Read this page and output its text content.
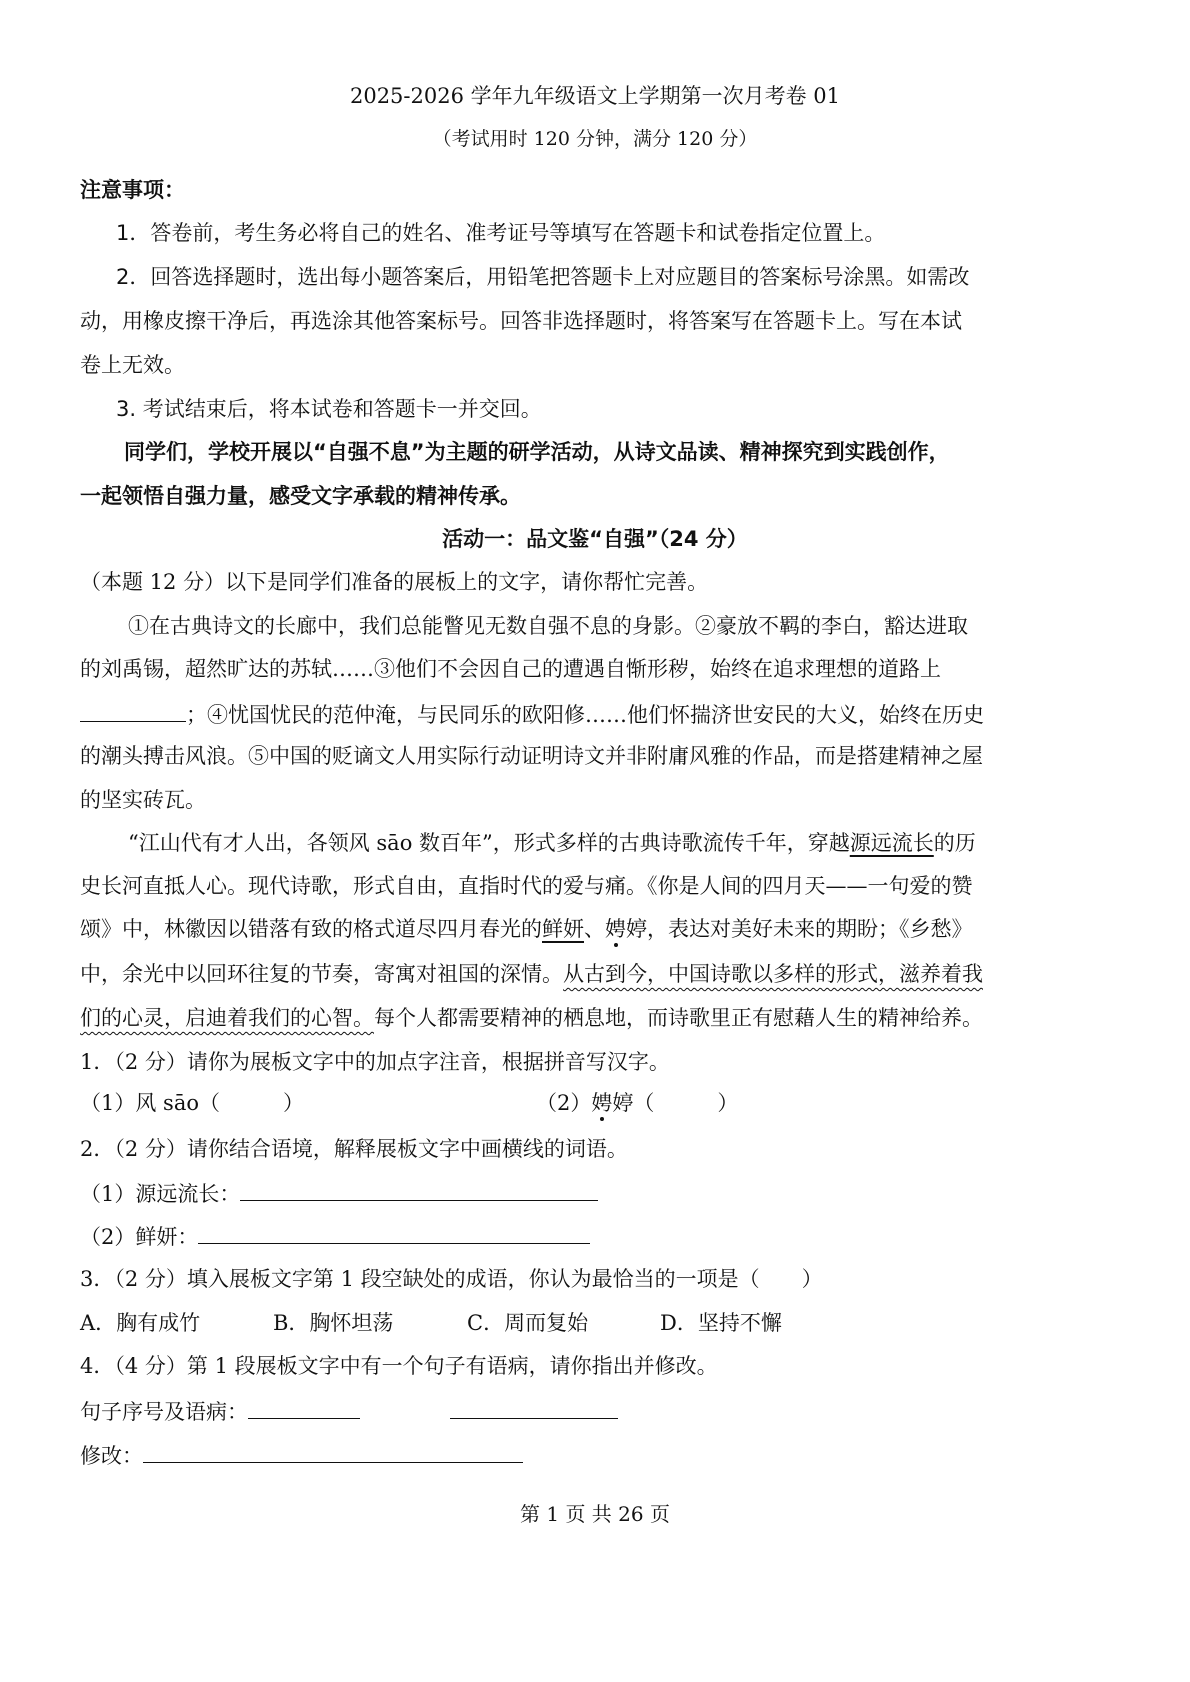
2025-2026 学年九年级语文上学期第一次月考卷 01
（考试用时 120 分钟，满分 120 分）
注意事项：
1．答卷前，考生务必将自己的姓名、准考证号等填写在答题卡和试卷指定位置上。
2．回答选择题时，选出每小题答案后，用铅笔把答题卡上对应题目的答案标号涂黑。如需改
动，用橡皮擦干净后，再选涂其他答案标号。回答非选择题时，将答案写在答题卡上。写在本试
卷上无效。
3. 考试结束后，将本试卷和答题卡一并交回。
同学们，学校开展以“自强不息”为主题的研学活动，从诗文品读、精神探究到实践创作，
一起领悟自强力量，感受文字承载的精神传承。
活动一：品文鉴“自强”（24 分）
（本题 12 分）以下是同学们准备的展板上的文字，请你帮忙完善。
①在古典诗文的长廊中，我们总能瞥见无数自强不息的身影。②豪放不羁的李白，豁达进取
的刘禹锡，超然旷达的苏轼……③他们不会因自己的遭遇自惭形秽，始终在追求理想的道路上
；④忧国忧民的范仲淹，与民同乐的欧阳修……他们怀揣济世安民的大义，始终在历史
的潮头搏击风浪。⑤中国的贬谪文人用实际行动证明诗文并非附庸风雅的作品，而是搭建精神之屋
的坚实砖瓦。
“江山代有才人出，各领风 sāo 数百年”，形式多样的古典诗歌流传千年，穿越源远流长的历
史长河直抵人心。现代诗歌，形式自由，直指时代的爱与痛。《你是人间的四月天——一句爱的赞
颂》中，林徽因以错落有致的格式道尽四月春光的鲜妍、娉婷，表达对美好未来的期盼；《乡愁》
中，余光中以回环往复的节奏，寄寓对祖国的深情。从古到今，中国诗歌以多样的形式，滋养着我
们的心灵，启迪着我们的心智。每个人都需要精神的栖息地，而诗歌里正有慰藉人生的精神给养。
1．（2 分）请你为展板文字中的加点字注音，根据拼音写汉字。
（1）风 sāo（　　　）	（2）娉婷（　　　）
2．（2 分）请你结合语境，解释展板文字中画横线的词语。
（1）源远流长：
（2）鲜妍：
3．（2 分）填入展板文字第 1 段空缺处的成语，你认为最恰当的一项是（　　）
A．胸有成竹	B．胸怀坦荡	C．周而复始	D．坚持不懈
4．（4 分）第 1 段展板文字中有一个句子有语病，请你指出并修改。
句子序号及语病：
修改：
第 1 页 共 26 页
